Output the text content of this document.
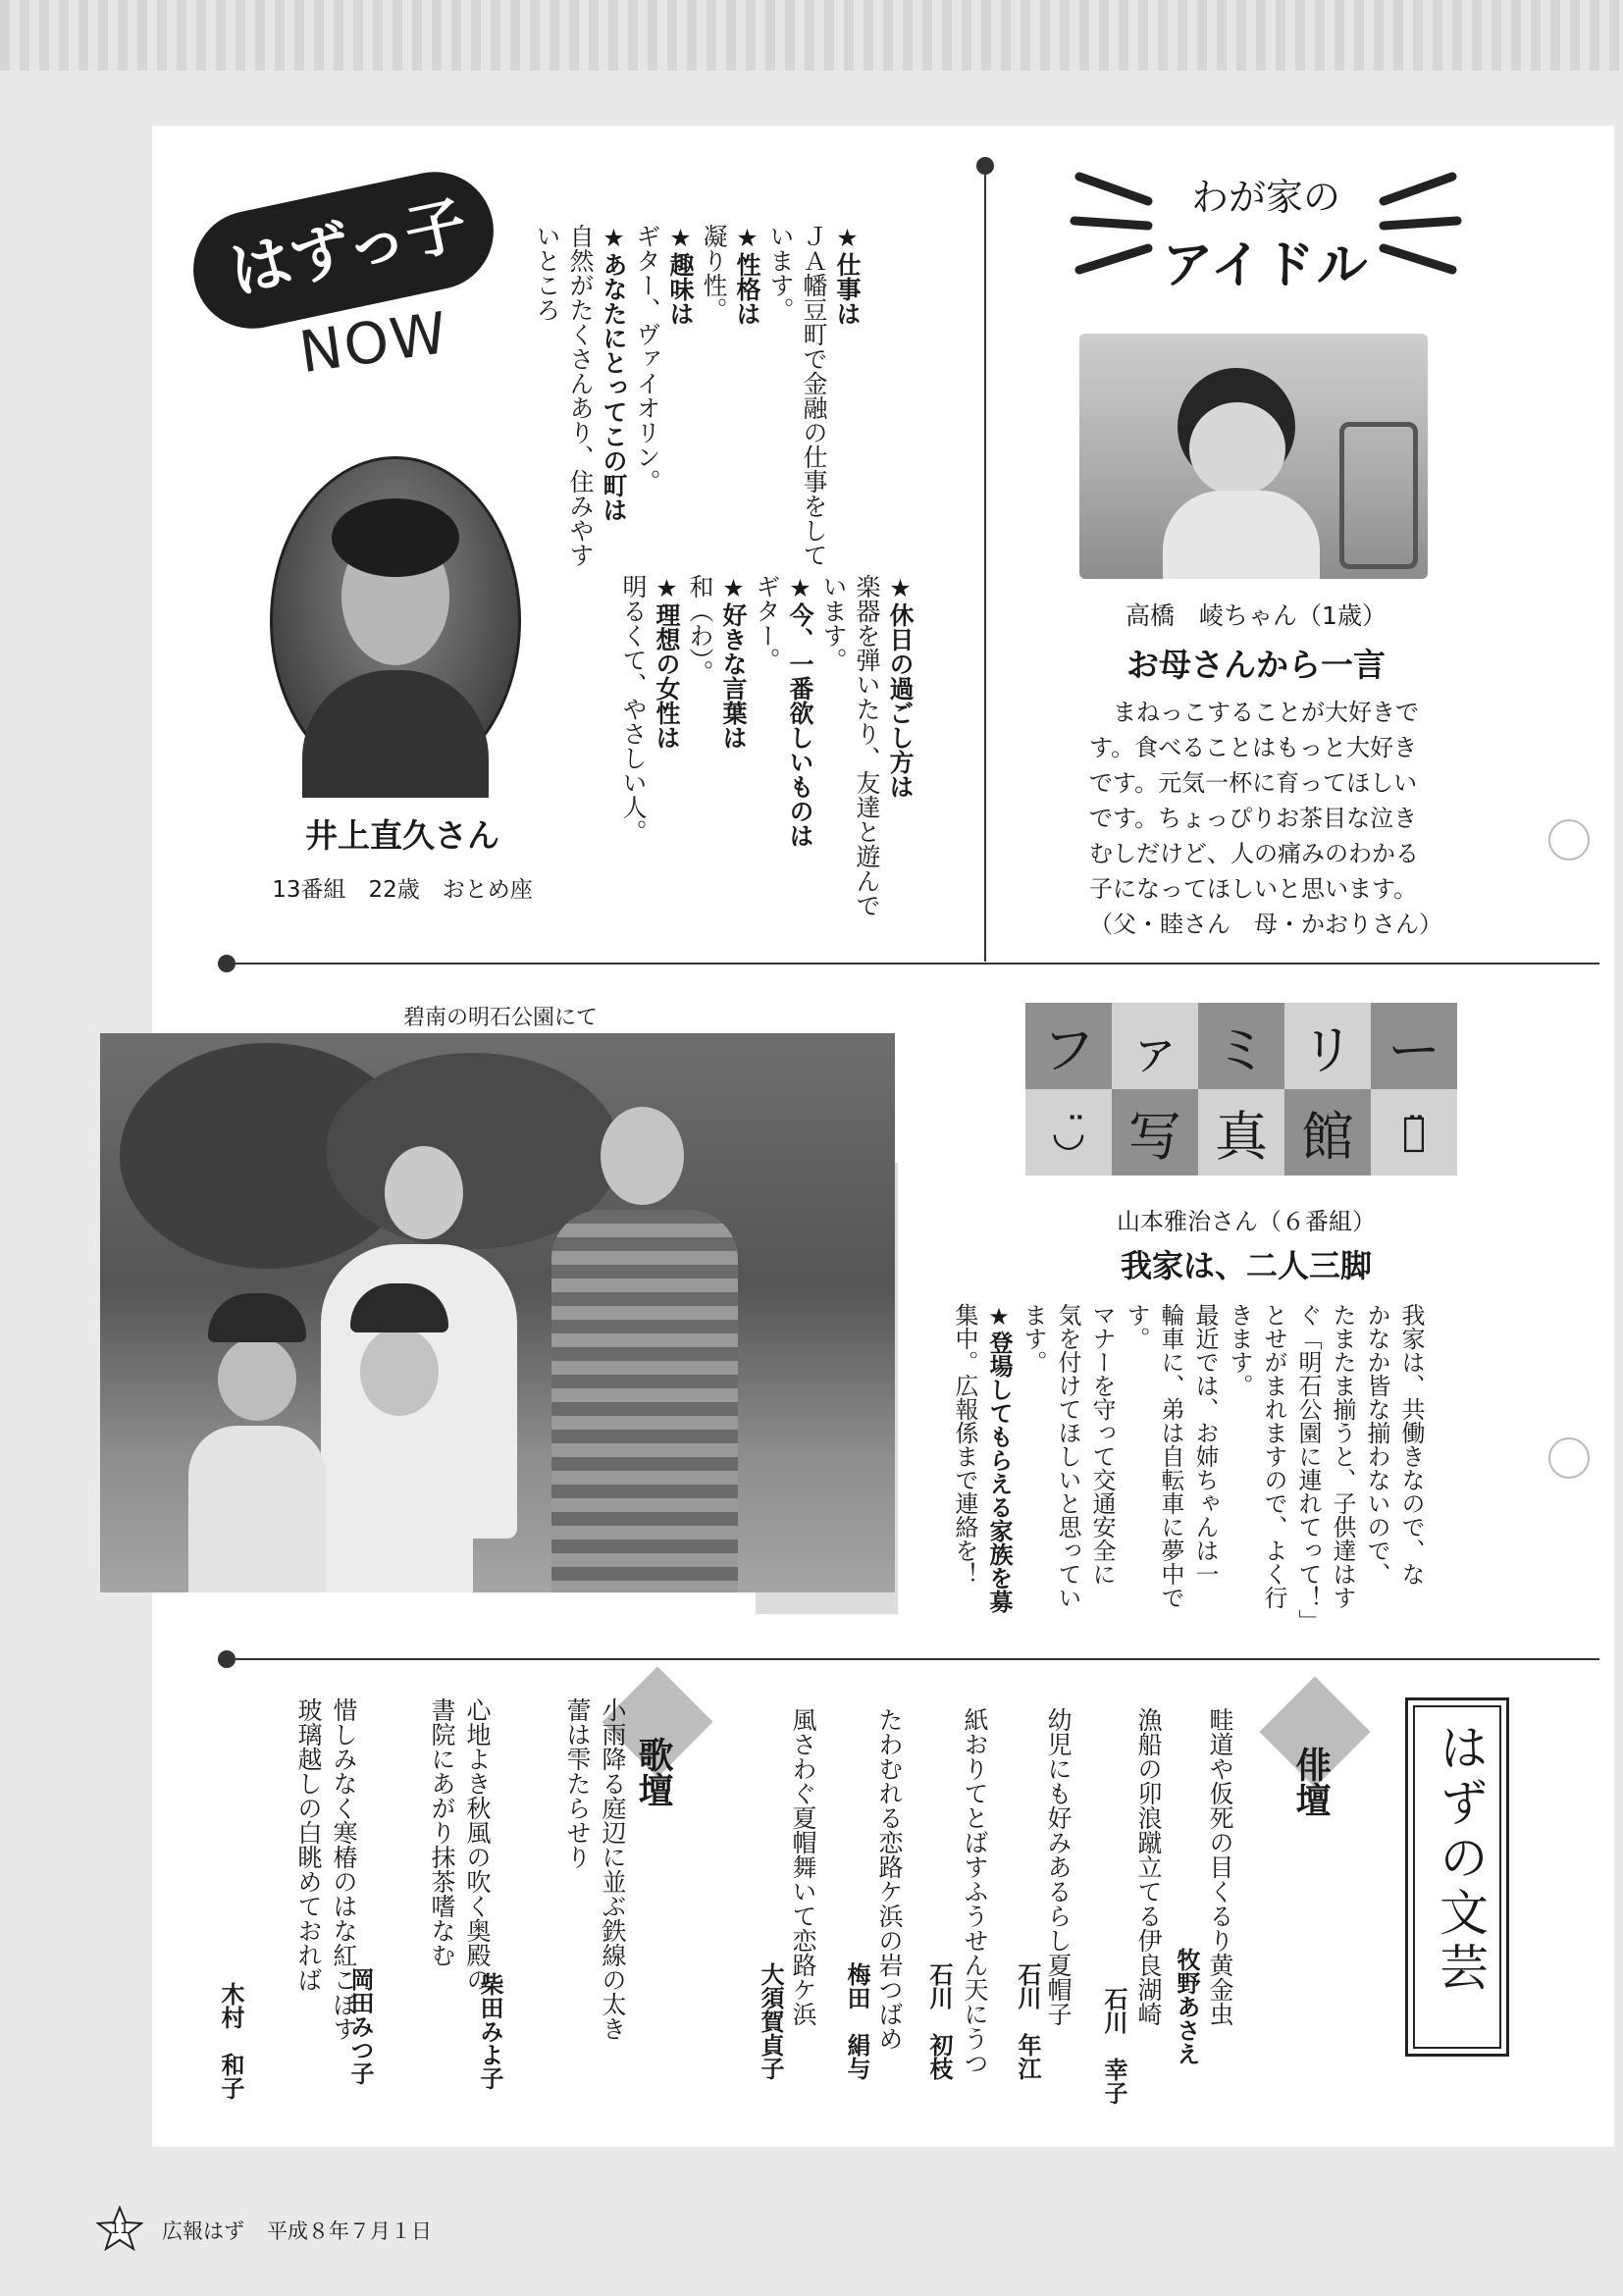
はずっ子
NOW
井上直久さん
13番組　22歳　おとめ座
★仕事は
ＪＡ幡豆町で金融の仕事をして
います。
★性格は
凝り性。
★趣味は
ギター、ヴァイオリン。
★あなたにとってこの町は
自然がたくさんあり、住みやす
いところ
★休日の過ごし方は
楽器を弾いたり、友達と遊んで
います。
★今、一番欲しいものは
ギター。
★好きな言葉は
和（わ）。
★理想の女性は
明るくて、やさしい人。
わが家の
アイドル
高橋　崚ちゃん（1歳）
お母さんから一言
まねっこすることが大好きで
す。食べることはもっと大好き
です。元気一杯に育ってほしい
です。ちょっぴりお茶目な泣き
むしだけど、人の痛みのわかる
子になってほしいと思います。
（父・睦さん　母・かおりさん）
碧南の明石公園にて
フ ァ ミ リ ー
◡̈ 写 真 館	⌒̈
山本雅治さん（６番組）
我家は、二人三脚
我家は、共働きなので、な
かなか皆な揃わないので、
たまたま揃うと、子供達はす
ぐ「明石公園に連れてって！」
とせがまれますので、よく行
きます。
最近では、お姉ちゃんは一
輪車に、弟は自転車に夢中で
す。
マナーを守って交通安全に
気を付けてほしいと思ってい
ます。
★登場してもらえる家族を募
集中。広報係まで連絡を！
はずの文芸
俳壇
畦道や仮死の目くるり黄金虫
牧野あさえ
漁船の卯浪蹴立てる伊良湖崎
石川　幸子
幼児にも好みあるらし夏帽子
石川　年江
紙おりてとばすふうせん天にうつ
石川　初枝
たわむれる恋路ケ浜の岩つばめ
梅田　絹与
風さわぐ夏帽舞いて恋路ケ浜
大須賀貞子
歌壇
小雨降る庭辺に並ぶ鉄線の太き
蕾は雫たらせり
柴田みよ子
心地よき秋風の吹く奥殿の
書院にあがり抹茶嗜なむ
岡田みつ子
惜しみなく寒椿のはな紅こぼす
玻璃越しの白眺めておれば
木村　和子
11	広報はず 平成８年７月１日
